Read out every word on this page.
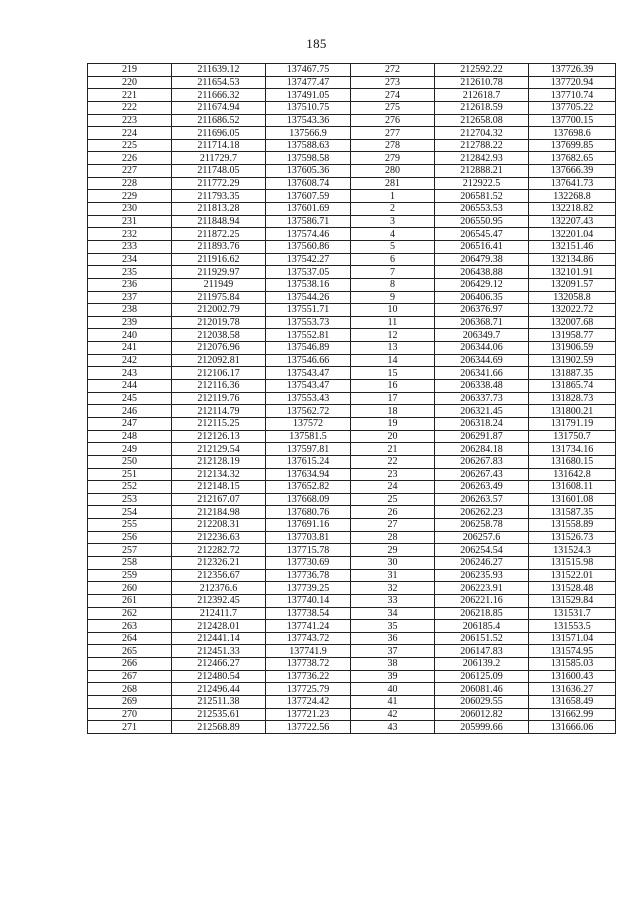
185
219	211639.12	137467.75	272	212592.22	137726.39
220	211654.53	137477.47	273	212610.78	137720.94
221	211666.32	137491.05	274	212618.7	137710.74
222	211674.94	137510.75	275	212618.59	137705.22
223	211686.52	137543.36	276	212658.08	137700.15
224	211696.05	137566.9	277	212704.32	137698.6
225	211714.18	137588.63	278	212788.22	137699.85
226	211729.7	137598.58	279	212842.93	137682.65
227	211748.05	137605.36	280	212888.21	137666.39
228	211772.29	137608.74	281	212922.5	137641.73
229	211793.35	137607.59	1	206581.52	132268.8
230	211813.28	137601.69	2	206553.53	132218.82
231	211848.94	137586.71	3	206550.95	132207.43
232	211872.25	137574.46	4	206545.47	132201.04
233	211893.76	137560.86	5	206516.41	132151.46
234	211916.62	137542.27	6	206479.38	132134.86
235	211929.97	137537.05	7	206438.88	132101.91
236	211949	137538.16	8	206429.12	132091.57
237	211975.84	137544.26	9	206406.35	132058.8
238	212002.79	137551.71	10	206376.97	132022.72
239	212019.78	137553.73	11	206368.71	132007.68
240	212038.58	137552.81	12	206349.7	131958.77
241	212076.96	137546.89	13	206344.06	131906.59
242	212092.81	137546.66	14	206344.69	131902.59
243	212106.17	137543.47	15	206341.66	131887.35
244	212116.36	137543.47	16	206338.48	131865.74
245	212119.76	137553.43	17	206337.73	131828.73
246	212114.79	137562.72	18	206321.45	131800.21
247	212115.25	137572	19	206318.24	131791.19
248	212126.13	137581.5	20	206291.87	131750.7
249	212129.54	137597.81	21	206284.18	131734.16
250	212128.19	137615.24	22	206267.83	131680.15
251	212134.32	137634.94	23	206267.43	131642.8
252	212148.15	137652.82	24	206263.49	131608.11
253	212167.07	137668.09	25	206263.57	131601.08
254	212184.98	137680.76	26	206262.23	131587.35
255	212208.31	137691.16	27	206258.78	131558.89
256	212236.63	137703.81	28	206257.6	131526.73
257	212282.72	137715.78	29	206254.54	131524.3
258	212326.21	137730.69	30	206246.27	131515.98
259	212356.67	137736.78	31	206235.93	131522.01
260	212376.6	137739.25	32	206223.91	131528.48
261	212392.45	137740.14	33	206221.16	131529.84
262	212411.7	137738.54	34	206218.85	131531.7
263	212428.01	137741.24	35	206185.4	131553.5
264	212441.14	137743.72	36	206151.52	131571.04
265	212451.33	137741.9	37	206147.83	131574.95
266	212466.27	137738.72	38	206139.2	131585.03
267	212480.54	137736.22	39	206125.09	131600.43
268	212496.44	137725.79	40	206081.46	131636.27
269	212511.38	137724.42	41	206029.55	131658.49
270	212535.61	137721.23	42	206012.82	131662.99
271	212568.89	137722.56	43	205999.66	131666.06
